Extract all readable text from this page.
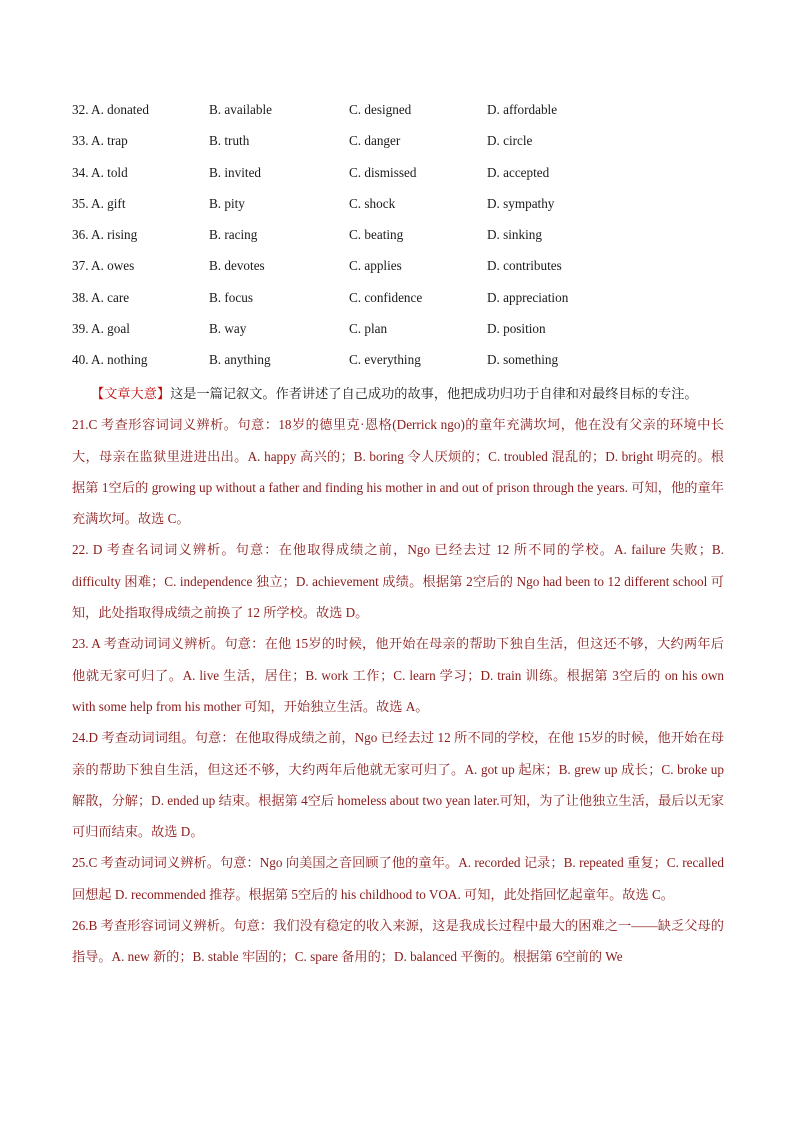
32. A. donated	B. available	C. designed	D. affordable
33. A. trap	B. truth	C. danger	D. circle
34. A. told	B. invited	C. dismissed	D. accepted
35. A. gift	B. pity	C. shock	D. sympathy
36. A. rising	B. racing	C. beating	D. sinking
37. A. owes	B. devotes	C. applies	D. contributes
38. A. care	B. focus	C. confidence	D. appreciation
39. A. goal	B. way	C. plan	D. position
40. A. nothing	B. anything	C. everything	D. something

【文章大意】这是一篇记叙文。作者讲述了自己成功的故事，他把成功归功于自律和对最终目标的专注。

21.C 考查形容词词义辨析。句意：18岁的德里克·恩格(Derrick ngo)的童年充满坎坷，他在没有父亲的环境中长大，母亲在监狱里进进出出。A. happy 高兴的；B. boring 令人厌烦的；C. troubled 混乱的；D. bright 明亮的。根据第 1空后的 growing up without a father and finding his mother in and out of prison through the years. 可知，他的童年充满坎坷。故选 C。

22. D 考查名词词义辨析。句意：在他取得成绩之前，Ngo 已经去过 12 所不同的学校。A. failure 失败；B. difficulty 困难；C. independence 独立；D. achievement 成绩。根据第 2空后的 Ngo had been to 12 different school 可知，此处指取得成绩之前换了 12 所学校。故选 D。

23. A 考查动词词义辨析。句意：在他 15岁的时候，他开始在母亲的帮助下独自生活，但这还不够，大约两年后他就无家可归了。A. live 生活，居住；B. work 工作；C. learn 学习；D. train 训练。根据第 3空后的 on his own with some help from his mother 可知，开始独立生活。故选 A。

24.D 考查动词词组。句意：在他取得成绩之前，Ngo 已经去过 12 所不同的学校，在他 15岁的时候，他开始在母亲的帮助下独自生活，但这还不够，大约两年后他就无家可归了。A. got up 起床；B. grew up 成长；C. broke up 解散，分解；D. ended up 结束。根据第 4空后 homeless about two yean later.可知，为了让他独立生活，最后以无家可归而结束。故选 D。

25.C 考查动词词义辨析。句意：Ngo 向美国之音回顾了他的童年。A. recorded 记录；B. repeated 重复；C. recalled 回想起 D. recommended 推荐。根据第 5空后的 his childhood to VOA. 可知，此处指回忆起童年。故选 C。

26.B 考查形容词词义辨析。句意：我们没有稳定的收入来源，这是我成长过程中最大的困难之一——缺乏父母的指导。A. new 新的；B. stable 牢固的；C. spare 备用的；D. balanced 平衡的。根据第 6空前的 We
